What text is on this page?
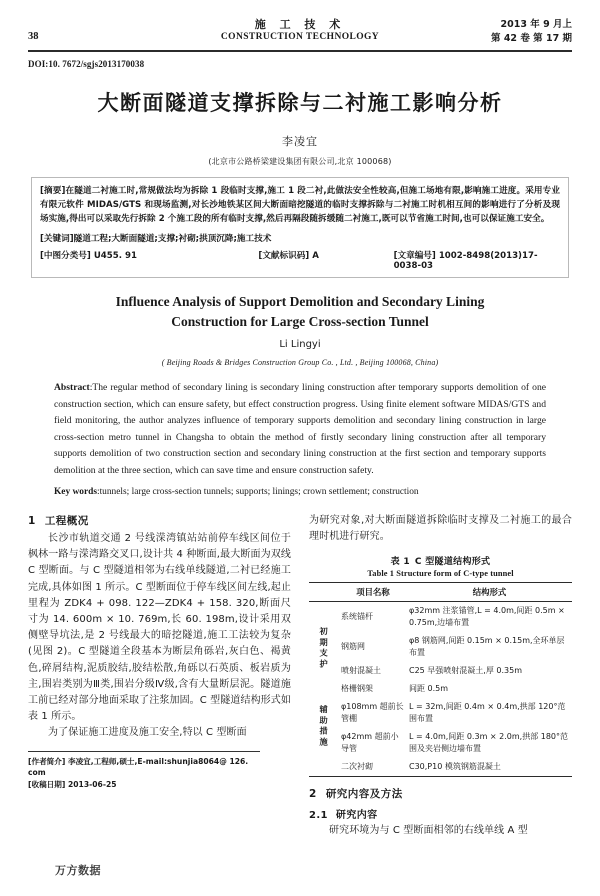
38
施 工 技 术
CONSTRUCTION TECHNOLOGY
2013 年 9 月上
第 42 卷 第 17 期
DOI:10. 7672/sgjs2013170038
大断面隧道支撑拆除与二衬施工影响分析
李凌宜
(北京市公路桥梁建设集团有限公司,北京 100068)

[摘要]在隧道二衬施工时,常规做法均为拆除 1 段临时支撑,施工 1 段二衬,此做法安全性较高,但施工场地有限,影响施工进度。采用专业有限元软件 MIDAS/GTS 和现场监测,对长沙地铁某区间大断面暗挖隧道的临时支撑拆除与二衬施工时机相互间的影响进行了分析及现场实施,得出可以采取先行拆除 2 个施工段的所有临时支撑,然后再隔段随拆缓随二衬施工,既可以节省施工时间,也可以保证施工安全。

[关键词]隧道工程;大断面隧道;支撑;衬砌;拱顶沉降;施工技术

[中图分类号] U455. 91	[文献标识码] A	[文章编号] 1002-8498(2013)17-0038-03
Influence Analysis of Support Demolition and Secondary Lining
Construction for Large Cross-section Tunnel
Li Lingyi
( Beijing Roads & Bridges Construction Group Co. , Ltd. , Beijing 100068, China)

Abstract:The regular method of secondary lining is secondary lining construction after temporary supports demolition of one construction section, which can ensure safety, but effect construction progress. Using finite element software MIDAS/GTS and field monitoring, the author analyzes influence of temporary supports demolition and secondary lining construction in large cross-section metro tunnel in Changsha to obtain the method of firstly secondary lining construction after all temporary supports demolition of two construction section and secondary lining construction at the first section and temporary supports demolition at the three section, which can save time and ensure construction safety.

Key words:tunnels; large cross-section tunnels; supports; linings; crown settlement; construction

1 工程概况

长沙市轨道交通 2 号线溁湾镇站站前停车线区间位于枫林一路与溁湾路交叉口,设计共 4 种断面,最大断面为双线 C 型断面。与 C 型隧道相邻为右线单线隧道,二衬已经施工完成,具体如图 1 所示。C 型断面位于停车线区间左线,起止里程为 ZDK4 + 098. 122—ZDK4 + 158. 320,断面尺寸为 14. 600m × 10. 769m,长 60. 198m,设计采用双侧壁导坑法,是 2 号线最大的暗挖隧道,施工工法较为复杂(见图 2)。C 型隧道全段基本为断层角砾岩,灰白色、褐黄色,碎屑结构,泥质胶结,胶结松散,角砾以石英质、板岩质为主,围岩类别为Ⅲ类,围岩分级Ⅳ级,含有大量断层泥。隧道施工前已经对部分地面采取了注浆加固。C 型隧道结构形式如表 1 所示。

为了保证施工进度及施工安全,特以 C 型断面

[作者简介] 李凌宜,工程师,硕士,E-mail:shunjia8064@ 126. com

[收稿日期] 2013-06-25

为研究对象,对大断面隧道拆除临时支撑及二衬施工的最合理时机进行研究。

表 1 C 型隧道结构形式
Table 1 Structure form of C-type tunnel
	项目名称	结构形式
初期支护	系统锚杆	φ32mm 注浆锚管,L = 4.0m,间距 0.5m × 0.75m,边墙布置
	钢筋网	φ8 钢筋网,间距 0.15m × 0.15m,全环单层布置
	喷射混凝土	C25 早强喷射混凝土,厚 0.35m
	格栅钢架	间距 0.5m
辅助措施	φ108mm 超前长管棚	L = 32m,间距 0.4m × 0.4m,拱部 120°范围布置
	φ42mm 超前小导管	L = 4.0m,间距 0.3m × 2.0m,拱部 180°范围及夹岩侧边墙布置
	二次衬砌	C30,P10 模筑钢筋混凝土
2 研究内容及方法
2.1 研究内容

研究环境为与 C 型断面相邻的右线单线 A 型

万方数据
